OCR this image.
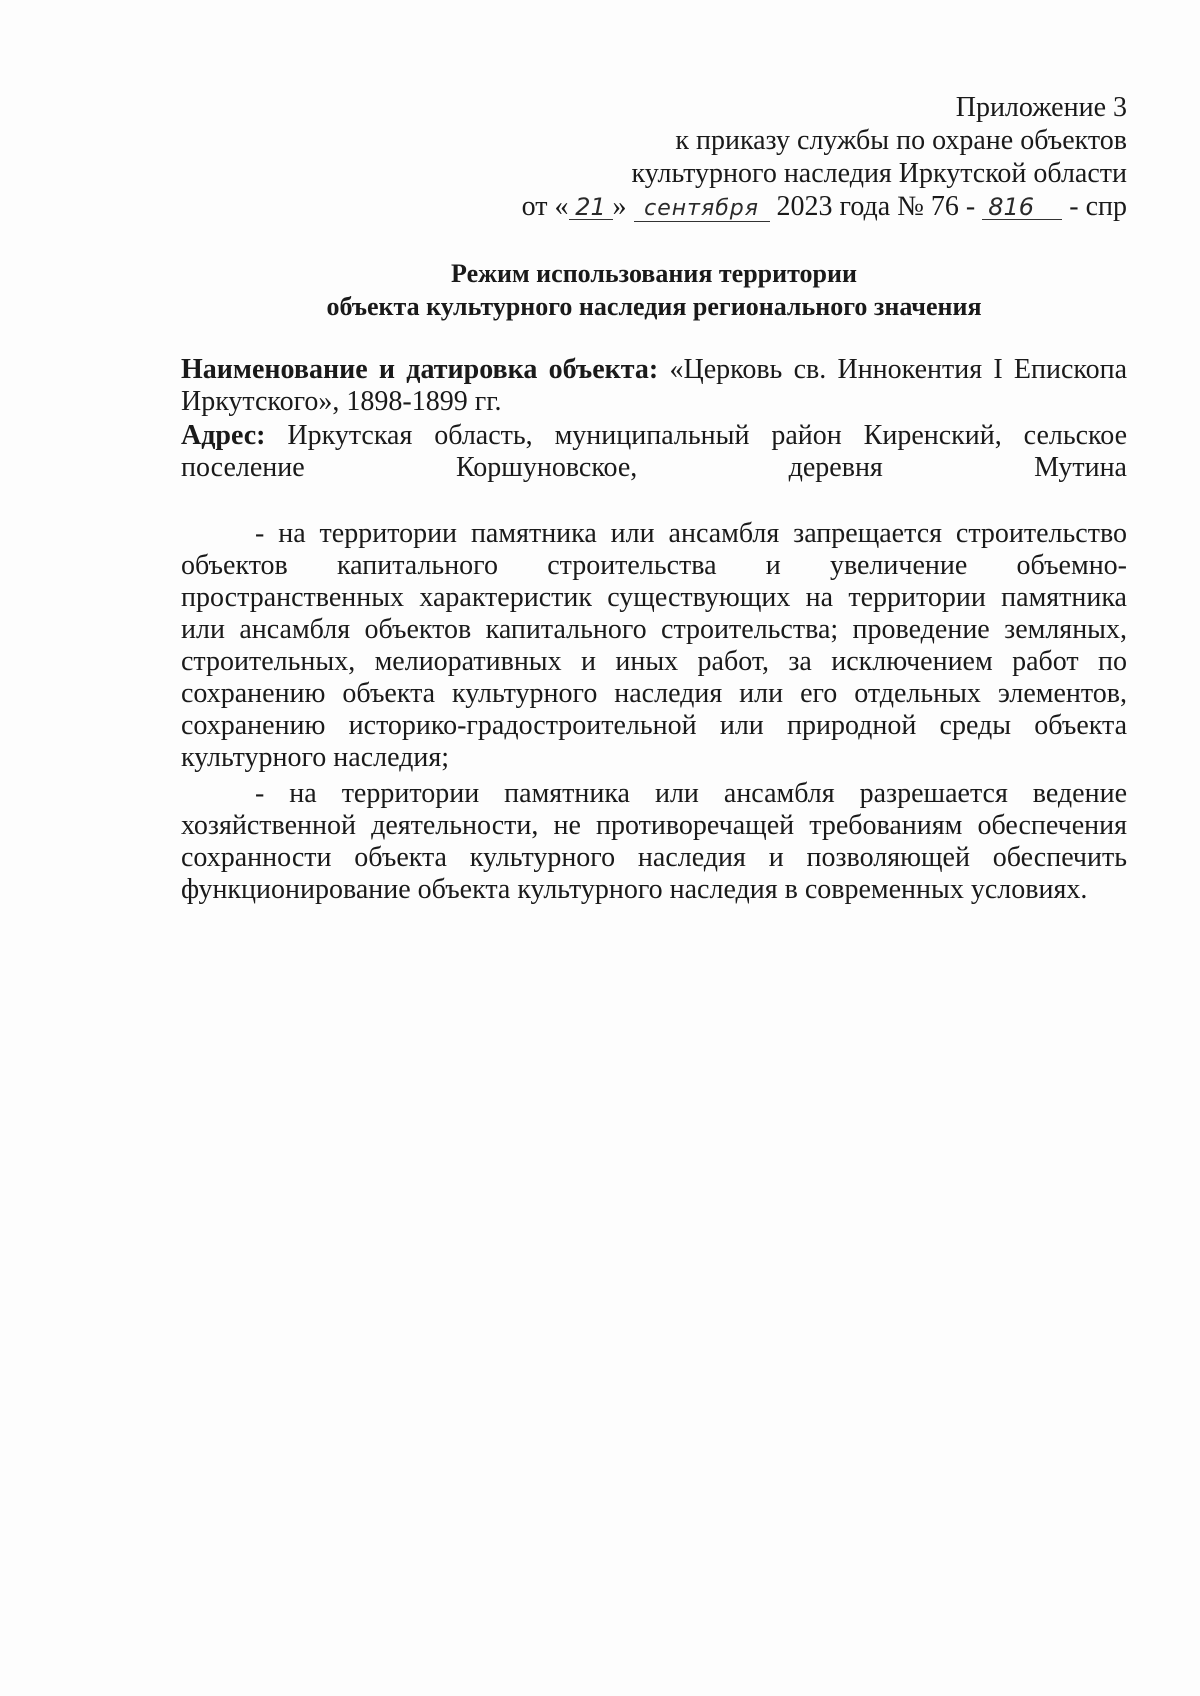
Приложение 3
к приказу службы по охране объектов
культурного наследия Иркутской области
от « 21 » сентября 2023 года № 76 - 816 - спр
Режим использования территории
объекта культурного наследия регионального значения
Наименование и датировка объекта: «Церковь св. Иннокентия I Епископа Иркутского», 1898-1899 гг.
Адрес: Иркутская область, муниципальный район Киренский, сельское поселение Коршуновское, деревня Мутина
- на территории памятника или ансамбля запрещается строительство объектов капитального строительства и увеличение объемно-пространственных характеристик существующих на территории памятника или ансамбля объектов капитального строительства; проведение земляных, строительных, мелиоративных и иных работ, за исключением работ по сохранению объекта культурного наследия или его отдельных элементов, сохранению историко-градостроительной или природной среды объекта культурного наследия;
- на территории памятника или ансамбля разрешается ведение хозяйственной деятельности, не противоречащей требованиям обеспечения сохранности объекта культурного наследия и позволяющей обеспечить функционирование объекта культурного наследия в современных условиях.
